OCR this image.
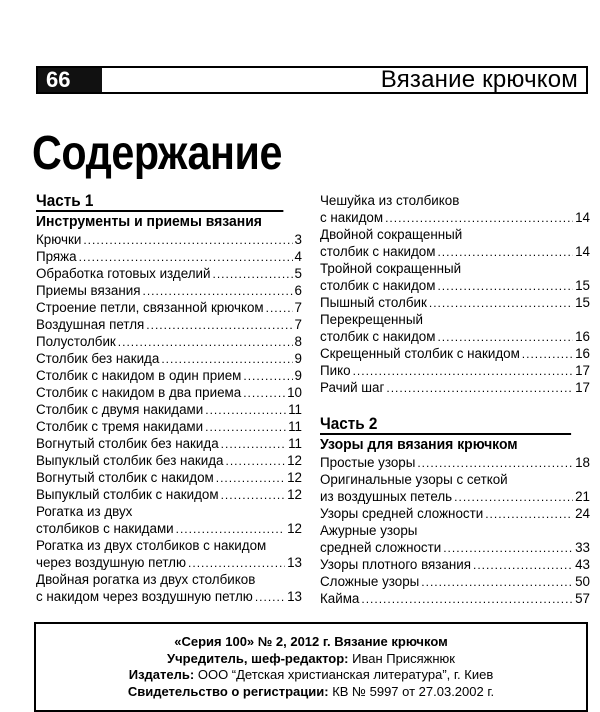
66	Вязание крючком
Содержание
Часть 1
Инструменты и приемы вязания
Крючки .....	3
Пряжа .....	4
Обработка готовых изделий .....	5
Приемы вязания .....	6
Строение петли, связанной крючком ..... 7
Воздушная петля .....	7
Полустолбик .....	8
Столбик без накида .....	9
Столбик с накидом в один прием .....	9
Столбик с накидом в два приема .....	10
Столбик с двумя накидами .....	11
Столбик с тремя накидами .....	11
Вогнутый столбик без накида .....	11
Выпуклый столбик без накида .....	12
Вогнутый столбик с накидом .....	12
Выпуклый столбик с накидом .....	12
Рогатка из двух
столбиков с накидами .....	12
Рогатка из двух столбиков с накидом
через воздушную петлю .....	13
Двойная рогатка из двух столбиков
с накидом через воздушную петлю .....	13
Чешуйка из столбиков
с накидом .....	14
Двойной сокращенный
столбик с накидом .....	14
Тройной сокращенный
столбик с накидом .....	15
Пышный столбик .....	15
Перекрещенный
столбик с накидом .....	16
Скрещенный столбик с накидом .....	16
Пико .....	17
Рачий шаг .....	17
Часть 2
Узоры для вязания крючком
Простые узоры .....	18
Оригинальные узоры с сеткой
из воздушных петель .....	21
Узоры средней сложности .....	24
Ажурные узоры
средней сложности .....	33
Узоры плотного вязания .....	43
Сложные узоры .....	50
Кайма .....	57
«Серия 100» № 2, 2012 г. Вязание крючком
Учредитель, шеф-редактор: Иван Присяжнюк
Издатель: ООО “Детская христианская литература”, г. Киев
Свидетельство о регистрации: КВ № 5997 от 27.03.2002 г.
